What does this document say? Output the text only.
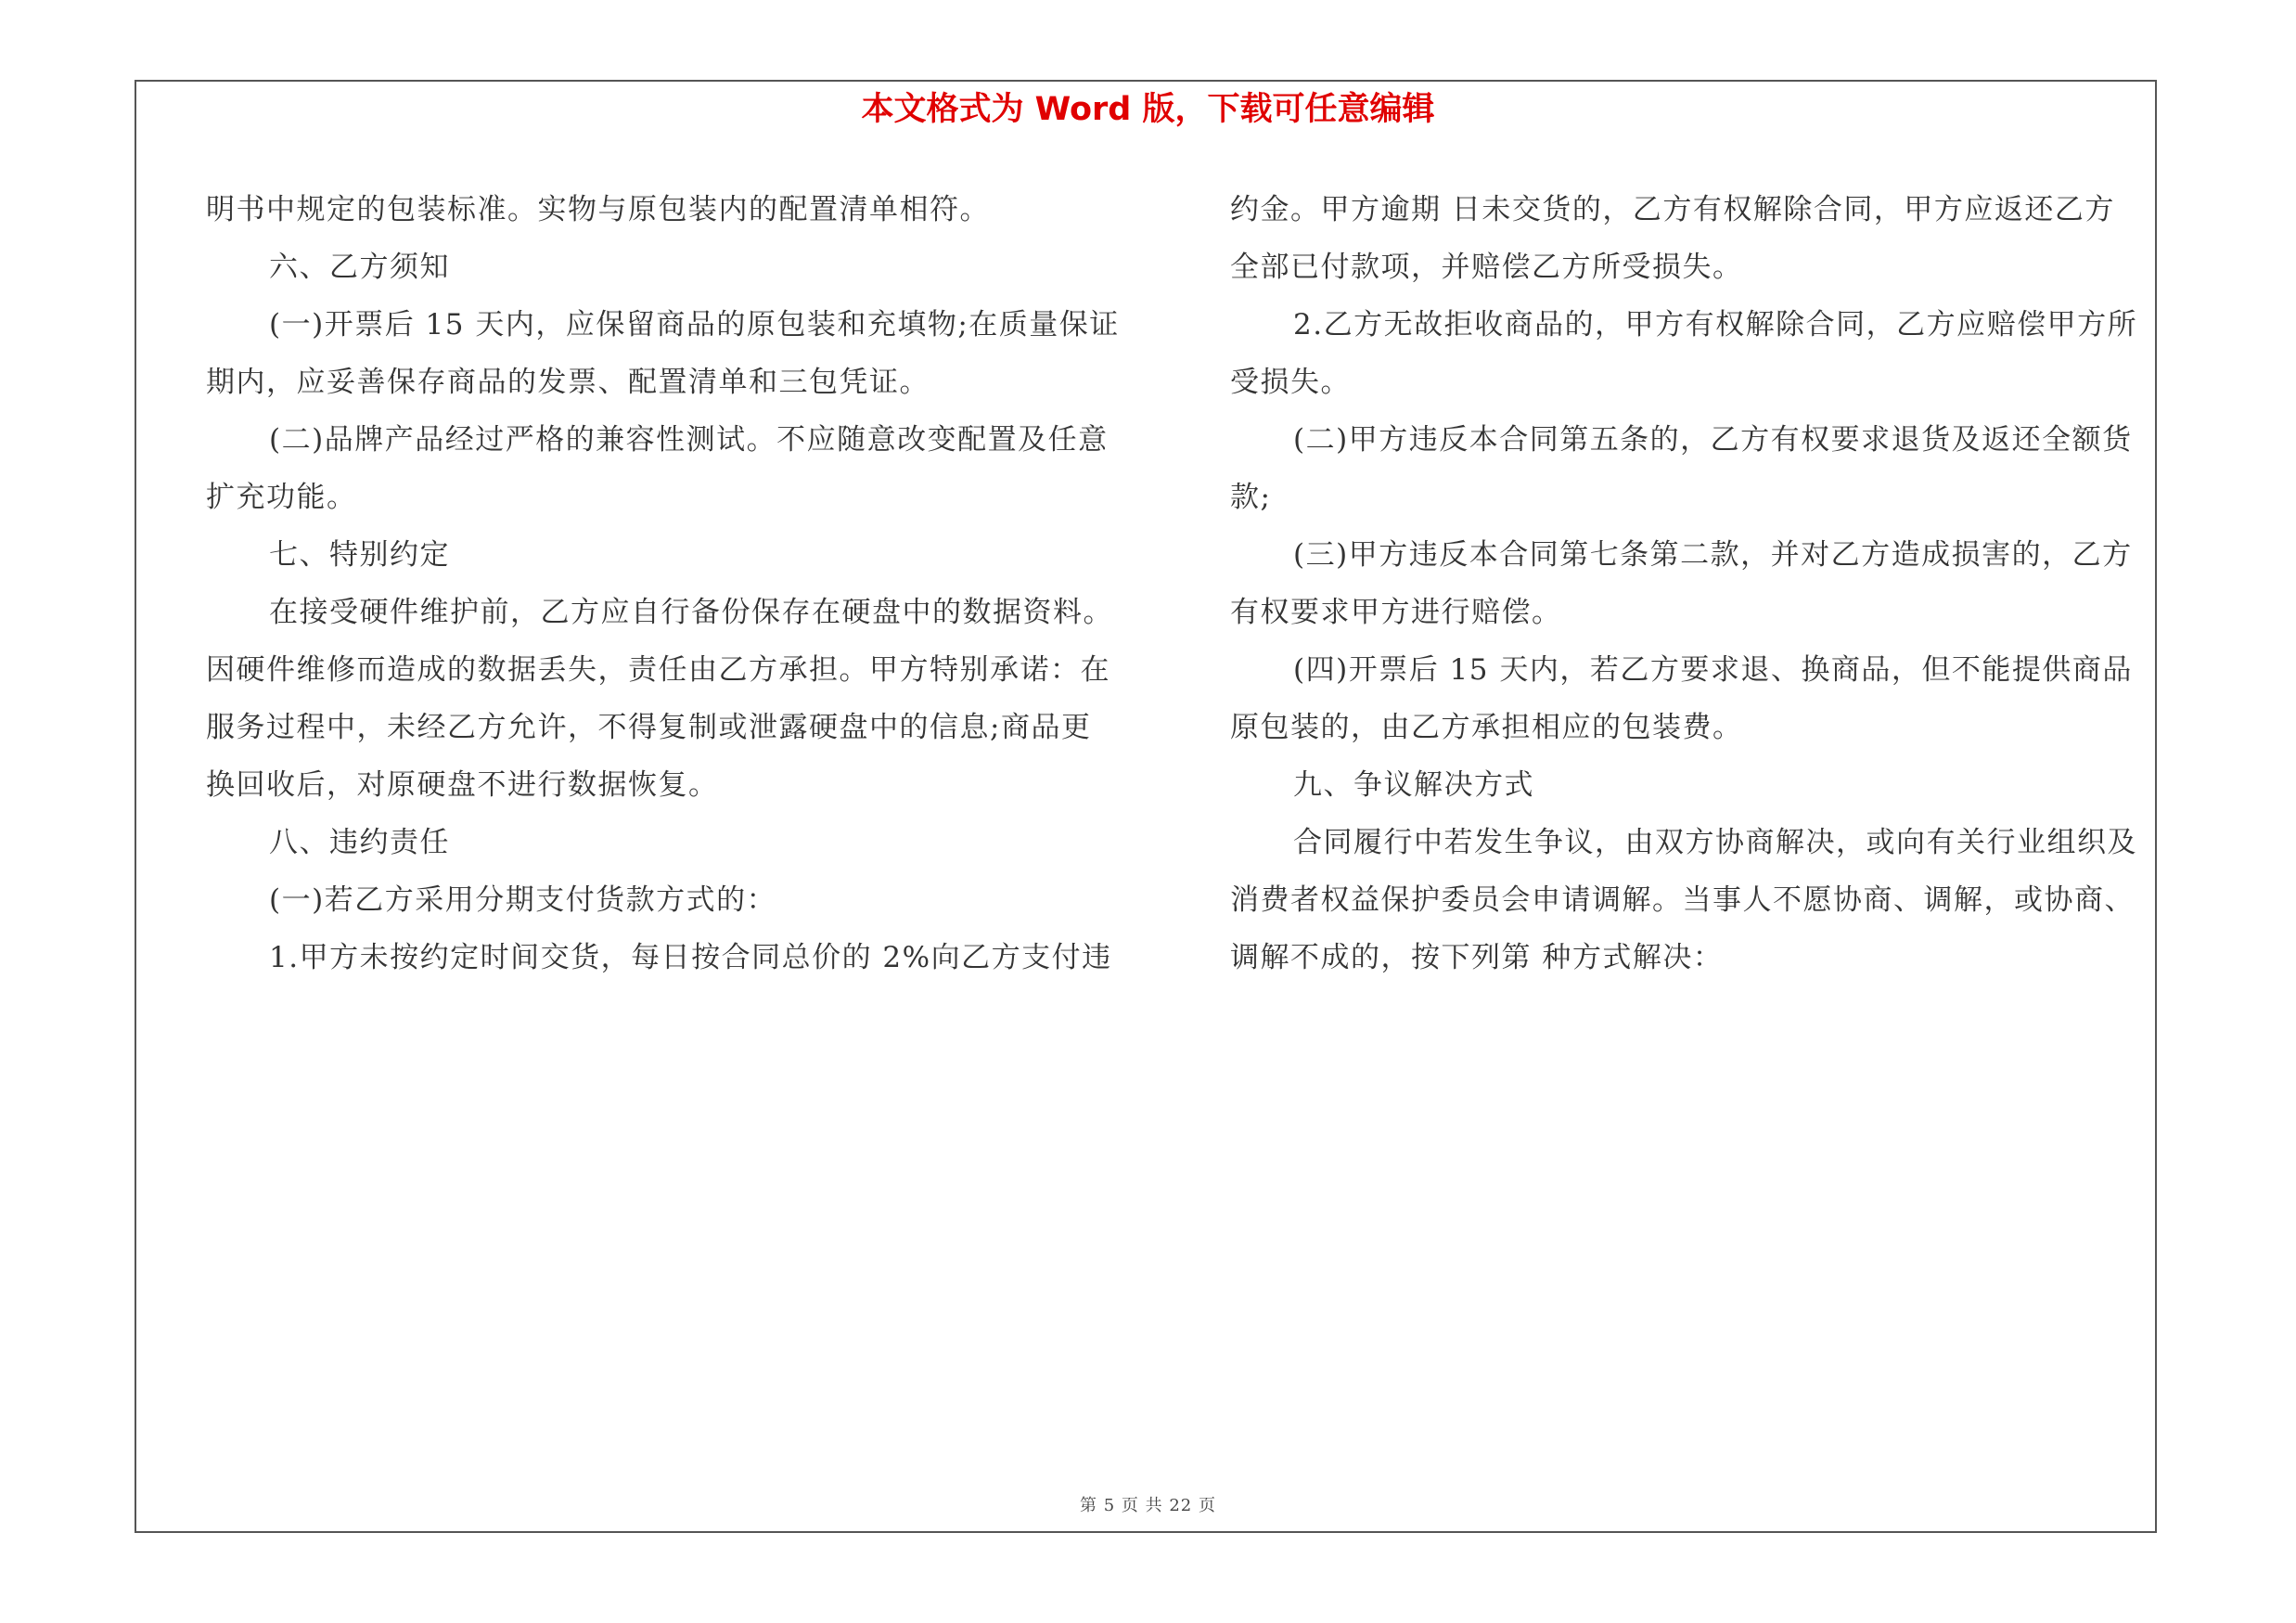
本文格式为 Word 版，下载可任意编辑
明书中规定的包装标准。实物与原包装内的配置清单相符。
六、乙方须知
(一)开票后 15 天内，应保留商品的原包装和充填物;在质量保证
期内，应妥善保存商品的发票、配置清单和三包凭证。
(二)品牌产品经过严格的兼容性测试。不应随意改变配置及任意
扩充功能。
七、特别约定
在接受硬件维护前，乙方应自行备份保存在硬盘中的数据资料。
因硬件维修而造成的数据丢失，责任由乙方承担。甲方特别承诺：在
服务过程中，未经乙方允许，不得复制或泄露硬盘中的信息;商品更
换回收后，对原硬盘不进行数据恢复。
八、违约责任
(一)若乙方采用分期支付货款方式的：
1.甲方未按约定时间交货，每日按合同总价的 2%向乙方支付违
约金。甲方逾期 日未交货的，乙方有权解除合同，甲方应返还乙方
全部已付款项，并赔偿乙方所受损失。
2.乙方无故拒收商品的，甲方有权解除合同，乙方应赔偿甲方所
受损失。
(二)甲方违反本合同第五条的，乙方有权要求退货及返还全额货
款;
(三)甲方违反本合同第七条第二款，并对乙方造成损害的，乙方
有权要求甲方进行赔偿。
(四)开票后 15 天内，若乙方要求退、换商品，但不能提供商品
原包装的，由乙方承担相应的包装费。
九、争议解决方式
合同履行中若发生争议，由双方协商解决，或向有关行业组织及
消费者权益保护委员会申请调解。当事人不愿协商、调解，或协商、
调解不成的，按下列第 种方式解决：
第 5 页 共 22 页
